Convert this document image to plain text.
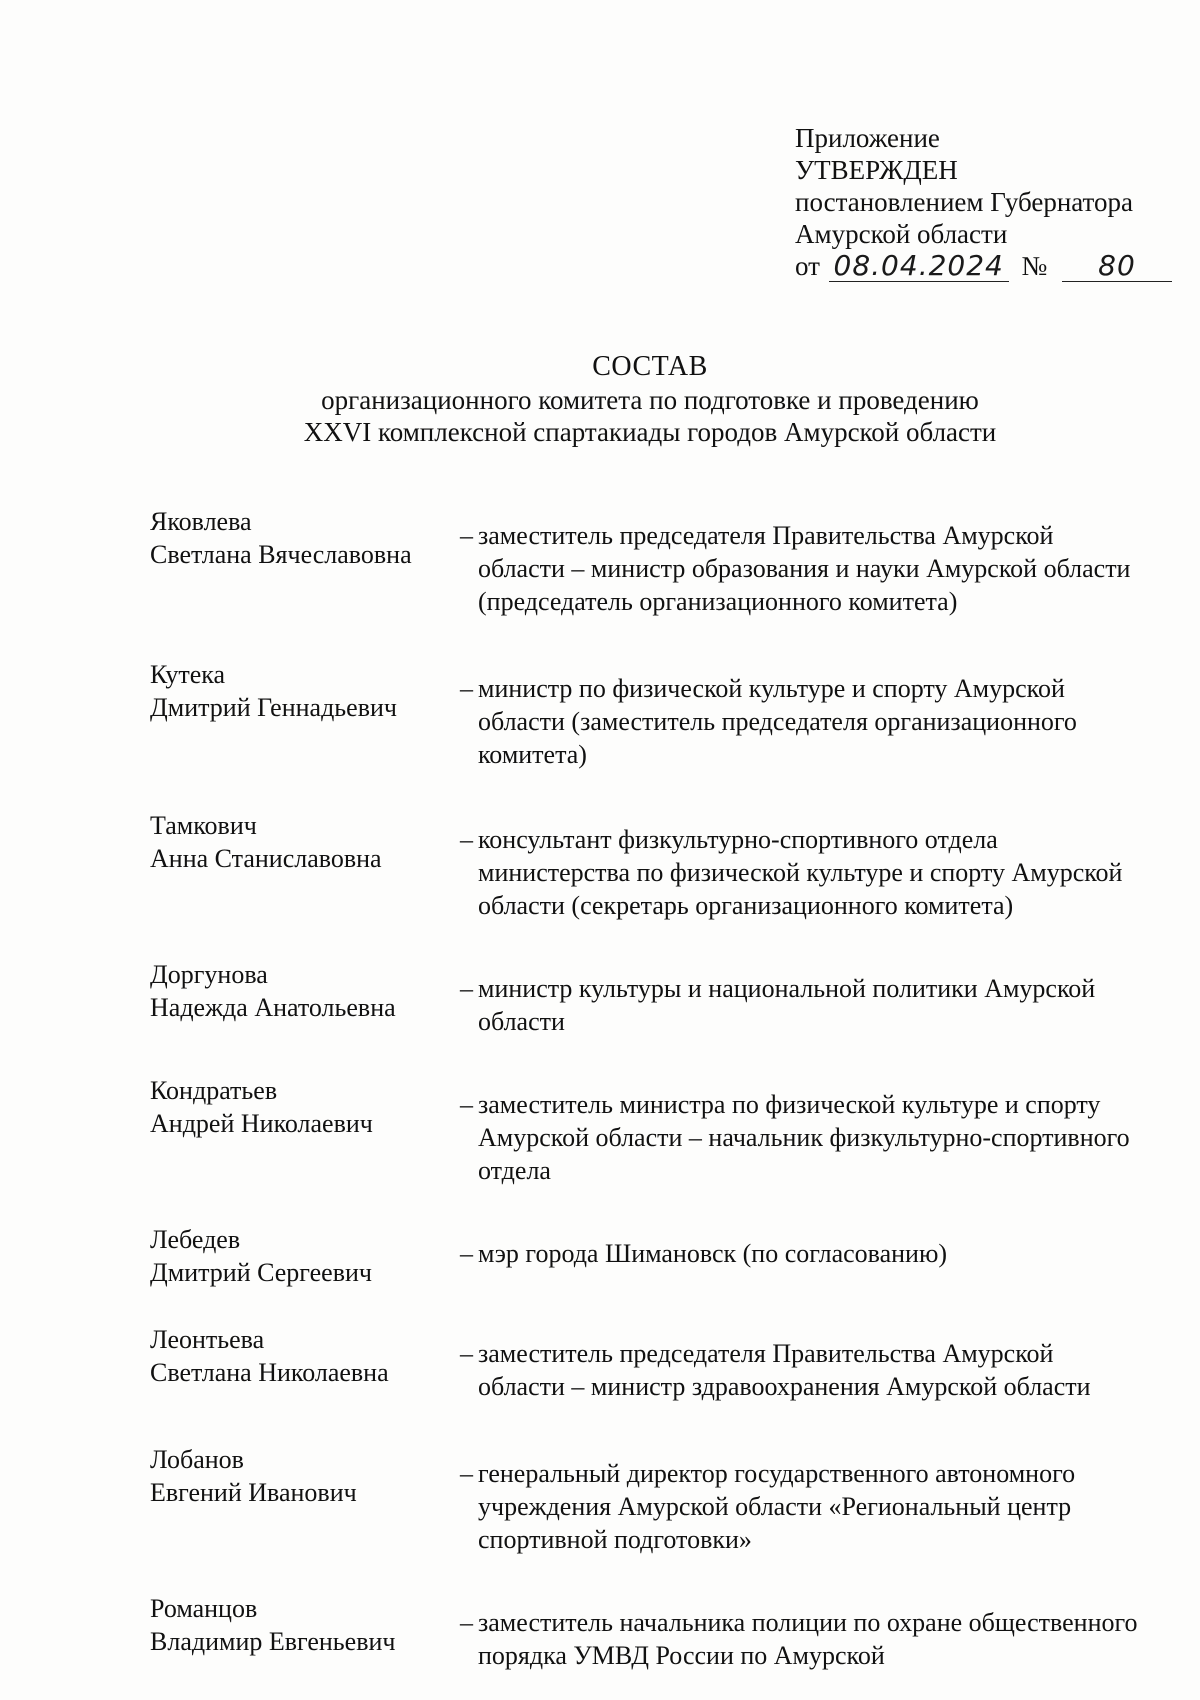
Приложение
УТВЕРЖДЕН
постановлением Губернатора
Амурской области
от 08.04.2024 № 80
СОСТАВ
организационного комитета по подготовке и проведению
XXVI комплексной спартакиады городов Амурской области
Яковлева
Светлана Вячеславовна
– заместитель председателя Правительства Амурской области – министр образования и науки Амурской области (председатель организационного комитета)
Кутека
Дмитрий Геннадьевич
– министр по физической культуре и спорту Амурской области (заместитель председателя организационного комитета)
Тамкович
Анна Станиславовна
– консультант физкультурно-спортивного отдела министерства по физической культуре и спорту Амурской области (секретарь организационного комитета)
Доргунова
Надежда Анатольевна
– министр культуры и национальной политики Амурской области
Кондратьев
Андрей Николаевич
– заместитель министра по физической культуре и спорту Амурской области – начальник физкультурно-спортивного отдела
Лебедев
Дмитрий Сергеевич
– мэр города Шимановск (по согласованию)
Леонтьева
Светлана Николаевна
– заместитель председателя Правительства Амурской области – министр здравоохранения Амурской области
Лобанов
Евгений Иванович
– генеральный директор государственного автономного учреждения Амурской области «Региональный центр спортивной подготовки»
Романцов
Владимир Евгеньевич
– заместитель начальника полиции по охране общественного порядка УМВД России по Амурской
